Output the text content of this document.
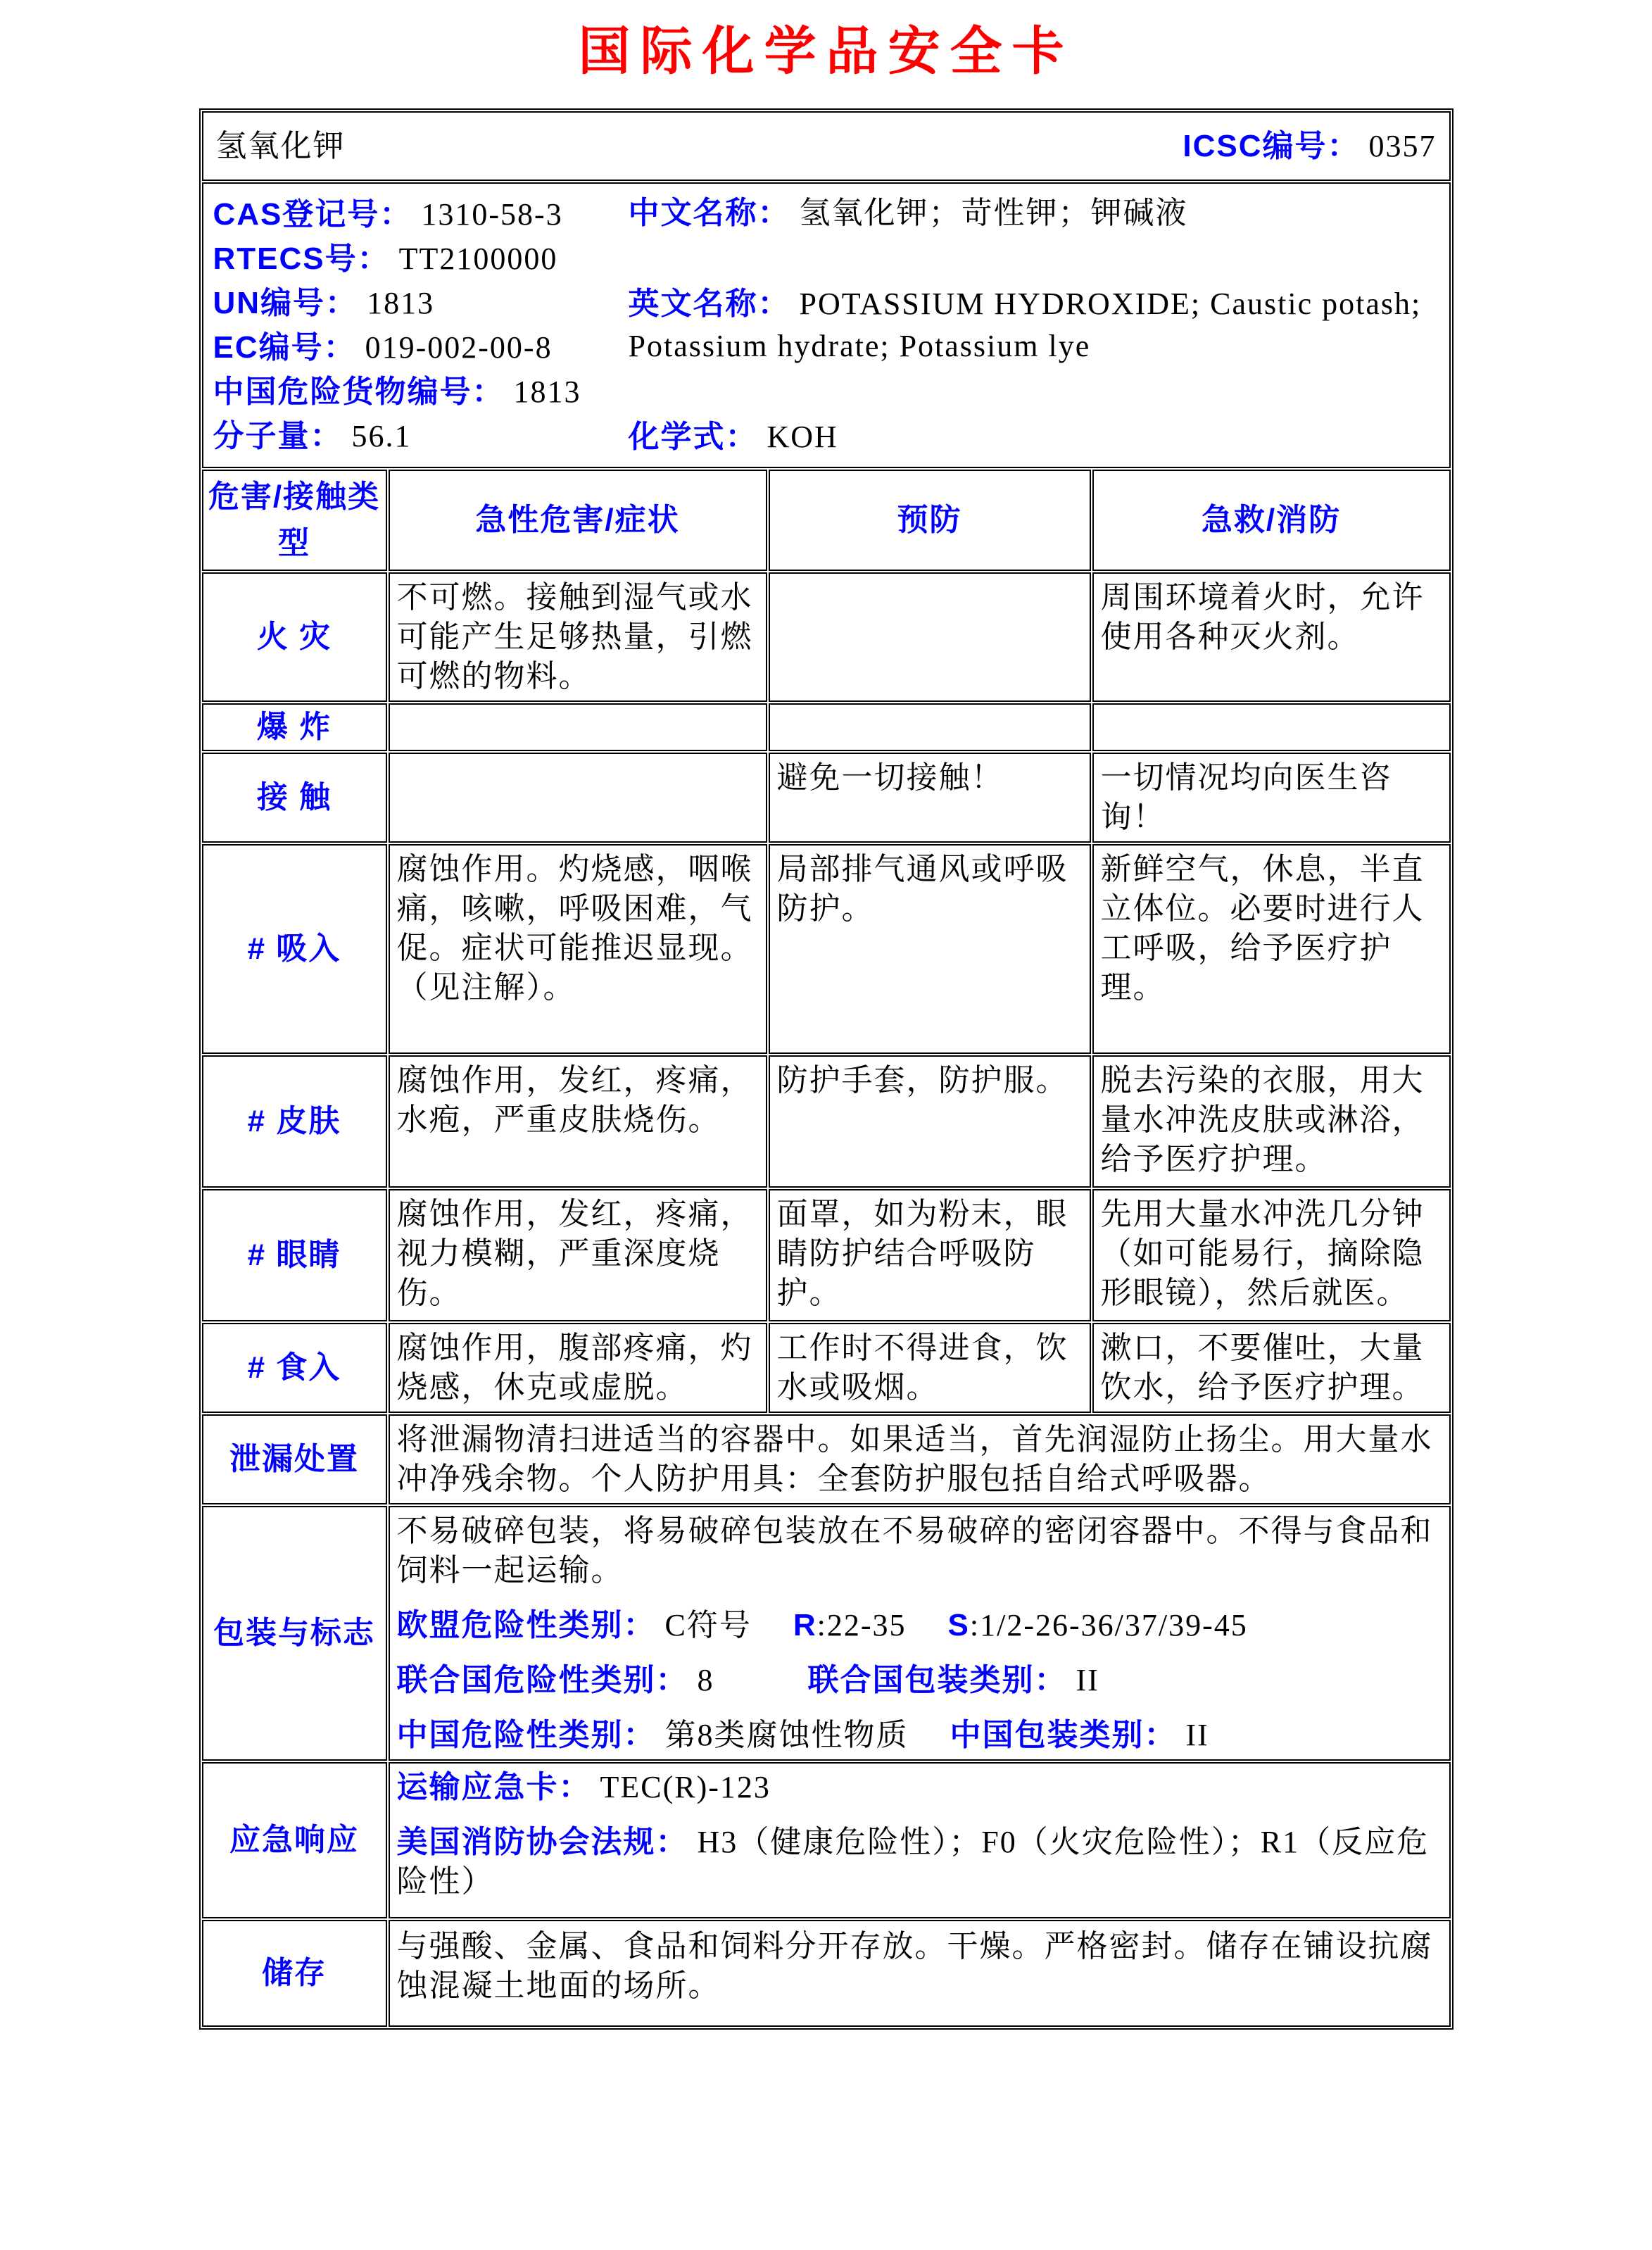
国际化学品安全卡
氢氧化钾 ICSC编号： 0357			

CAS登记号： 1310-58-3
RTECS号： TT2100000
UN编号： 1813
EC编号： 019-002-00-8
中国危险货物编号： 1813
分子量： 56.1
中文名称： 氢氧化钾；苛性钾；钾碱液
英文名称： POTASSIUM HYDROXIDE; Caustic potash; Potassium hydrate; Potassium lye
化学式： KOH

危害/接触类型	急性危害/症状	预防	急救/消防
火 灾	不可燃。接触到湿气或水可能产生足够热量，引燃可燃的物料。		周围环境着火时，允许使用各种灭火剂。
爆 炸			
接 触		避免一切接触！	一切情况均向医生咨询！
# 吸入	腐蚀作用。灼烧感，咽喉痛，咳嗽，呼吸困难，气促。症状可能推迟显现。（见注解）。	局部排气通风或呼吸防护。	新鲜空气，休息，半直立体位。必要时进行人工呼吸，给予医疗护理。
# 皮肤	腐蚀作用，发红，疼痛，水疱，严重皮肤烧伤。	防护手套，防护服。	脱去污染的衣服，用大量水冲洗皮肤或淋浴，给予医疗护理。
# 眼睛	腐蚀作用，发红，疼痛，视力模糊，严重深度烧伤。	面罩，如为粉末，眼睛防护结合呼吸防护。	先用大量水冲洗几分钟（如可能易行，摘除隐形眼镜），然后就医。
# 食入	腐蚀作用，腹部疼痛，灼烧感，休克或虚脱。	工作时不得进食，饮水或吸烟。	漱口，不要催吐，大量饮水，给予医疗护理。
泄漏处置	将泄漏物清扫进适当的容器中。如果适当，首先润湿防止扬尘。用大量水冲净残余物。个人防护用具：全套防护服包括自给式呼吸器。		
包装与标志	不易破碎包装，将易破碎包装放在不易破碎的密闭容器中。不得与食品和饲料一起运输。

欧盟危险性类别： C符号 R:22-35 S:1/2-26-36/37/39-45

联合国危险性类别： 8 联合国包装类别： II

中国危险性类别： 第8类腐蚀性物质 中国包装类别： II		

应急响应	运输应急卡： TEC(R)-123

美国消防协会法规： H3（健康危险性）；F0（火灾危险性）；R1（反应危险性）		

储存	与强酸、金属、食品和饲料分开存放。干燥。严格密封。储存在铺设抗腐蚀混凝土地面的场所。		
